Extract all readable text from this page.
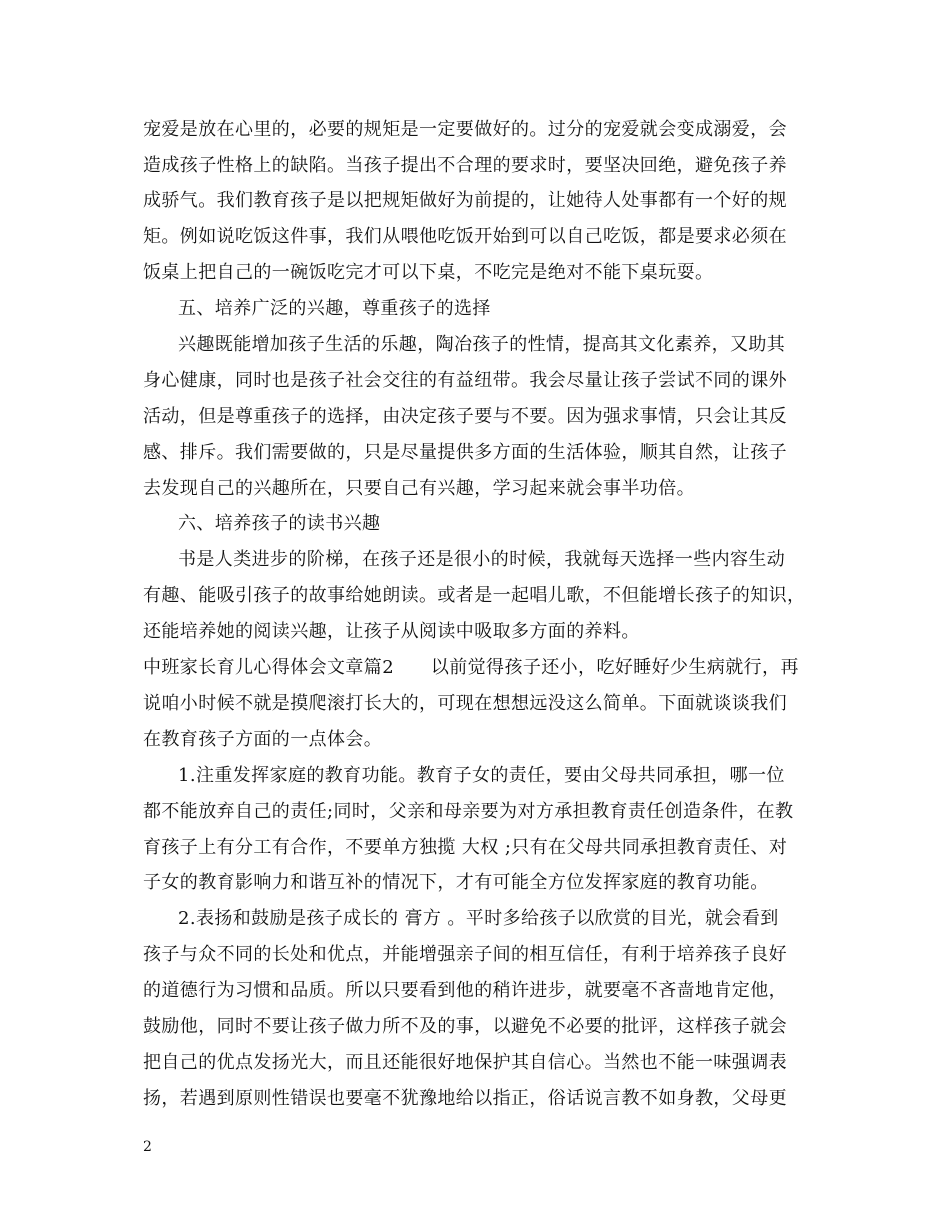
宠爱是放在心里的，必要的规矩是一定要做好的。过分的宠爱就会变成溺爱，会
造成孩子性格上的缺陷。当孩子提出不合理的要求时，要坚决回绝，避免孩子养
成骄气。我们教育孩子是以把规矩做好为前提的，让她待人处事都有一个好的规
矩。例如说吃饭这件事，我们从喂他吃饭开始到可以自己吃饭，都是要求必须在
饭桌上把自己的一碗饭吃完才可以下桌，不吃完是绝对不能下桌玩耍。
五、培养广泛的兴趣，尊重孩子的选择
兴趣既能增加孩子生活的乐趣，陶冶孩子的性情，提高其文化素养，又助其
身心健康，同时也是孩子社会交往的有益纽带。我会尽量让孩子尝试不同的课外
活动，但是尊重孩子的选择，由决定孩子要与不要。因为强求事情，只会让其反
感、排斥。我们需要做的，只是尽量提供多方面的生活体验，顺其自然，让孩子
去发现自己的兴趣所在，只要自己有兴趣，学习起来就会事半功倍。
六、培养孩子的读书兴趣
书是人类进步的阶梯，在孩子还是很小的时候，我就每天选择一些内容生动
有趣、能吸引孩子的故事给她朗读。或者是一起唱儿歌，不但能增长孩子的知识，
还能培养她的阅读兴趣，让孩子从阅读中吸取多方面的养料。
中班家长育儿心得体会文章篇2　　以前觉得孩子还小，吃好睡好少生病就行，再
说咱小时候不就是摸爬滚打长大的，可现在想想远没这么简单。下面就谈谈我们
在教育孩子方面的一点体会。
1.注重发挥家庭的教育功能。教育子女的责任，要由父母共同承担，哪一位
都不能放弃自己的责任;同时，父亲和母亲要为对方承担教育责任创造条件，在教
育孩子上有分工有合作，不要单方独揽 大权 ;只有在父母共同承担教育责任、对
子女的教育影响力和谐互补的情况下，才有可能全方位发挥家庭的教育功能。
2.表扬和鼓励是孩子成长的 膏方 。平时多给孩子以欣赏的目光，就会看到
孩子与众不同的长处和优点，并能增强亲子间的相互信任，有利于培养孩子良好
的道德行为习惯和品质。所以只要看到他的稍许进步，就要毫不吝啬地肯定他，
鼓励他，同时不要让孩子做力所不及的事，以避免不必要的批评，这样孩子就会
把自己的优点发扬光大，而且还能很好地保护其自信心。当然也不能一味强调表
扬，若遇到原则性错误也要毫不犹豫地给以指正，俗话说言教不如身教，父母更
2
